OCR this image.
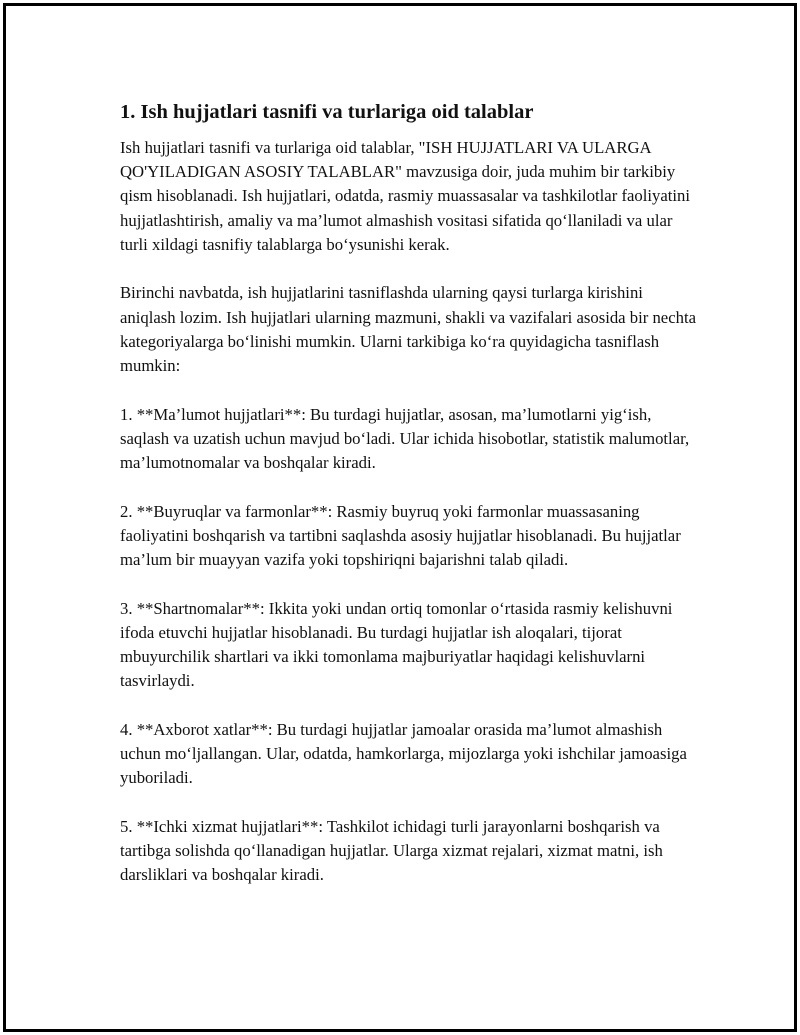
1. Ish hujjatlari tasnifi va turlariga oid talablar

Ish hujjatlari tasnifi va turlariga oid talablar, "ISH HUJJATLARI VA ULARGA QO'YILADIGAN ASOSIY TALABLAR" mavzusiga doir, juda muhim bir tarkibiy qism hisoblanadi. Ish hujjatlari, odatda, rasmiy muassasalar va tashkilotlar faoliyatini hujjatlashtirish, amaliy va ma’lumot almashish vositasi sifatida qo‘llaniladi va ular turli xildagi tasnifiy talablarga bo‘ysunishi kerak.

Birinchi navbatda, ish hujjatlarini tasniflashda ularning qaysi turlarga kirishini aniqlash lozim. Ish hujjatlari ularning mazmuni, shakli va vazifalari asosida bir nechta kategoriyalarga bo‘linishi mumkin. Ularni tarkibiga ko‘ra quyidagicha tasniflash mumkin:

1. **Ma’lumot hujjatlari**: Bu turdagi hujjatlar, asosan, ma’lumotlarni yig‘ish, saqlash va uzatish uchun mavjud bo‘ladi. Ular ichida hisobotlar, statistik malumotlar, ma’lumotnomalar va boshqalar kiradi.

2. **Buyruqlar va farmonlar**: Rasmiy buyruq yoki farmonlar muassasaning faoliyatini boshqarish va tartibni saqlashda asosiy hujjatlar hisoblanadi. Bu hujjatlar ma’lum bir muayyan vazifa yoki topshiriqni bajarishni talab qiladi.

3. **Shartnomalar**: Ikkita yoki undan ortiq tomonlar o‘rtasida rasmiy kelishuvni ifoda etuvchi hujjatlar hisoblanadi. Bu turdagi hujjatlar ish aloqalari, tijorat mbuyurchilik shartlari va ikki tomonlama majburiyatlar haqidagi kelishuvlarni tasvirlaydi.

4. **Axborot xatlar**: Bu turdagi hujjatlar jamoalar orasida ma’lumot almashish uchun mo‘ljallangan. Ular, odatda, hamkorlarga, mijozlarga yoki ishchilar jamoasiga yuboriladi.

5. **Ichki xizmat hujjatlari**: Tashkilot ichidagi turli jarayonlarni boshqarish va tartibga solishda qo‘llanadigan hujjatlar. Ularga xizmat rejalari, xizmat matni, ish darsliklari va boshqalar kiradi.
